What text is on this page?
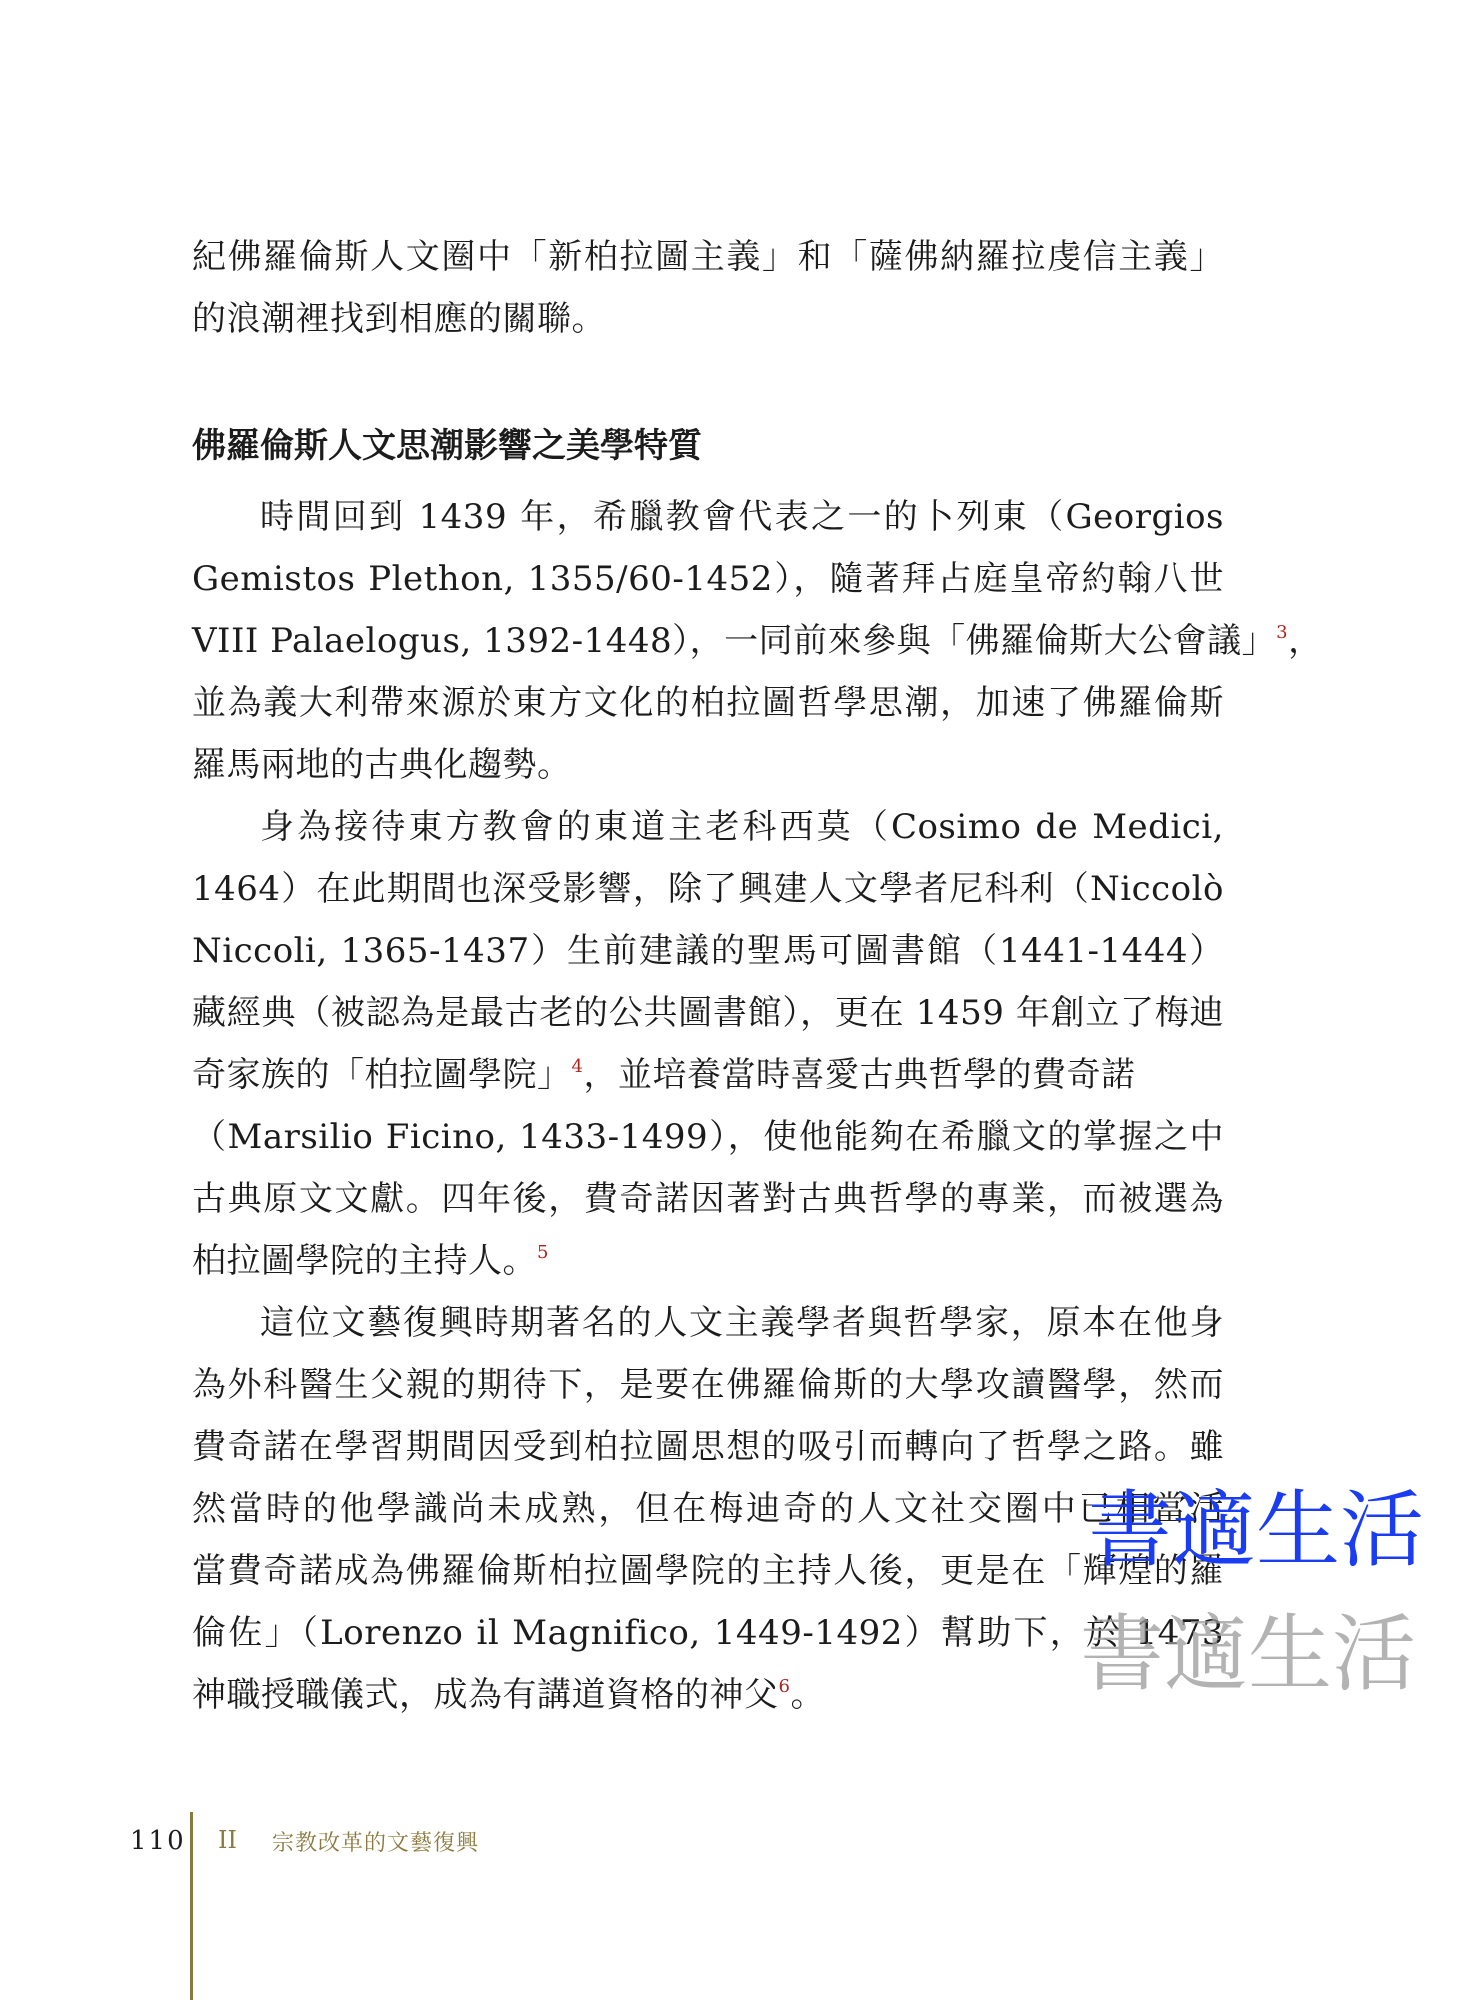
紀佛羅倫斯人文圈中「新柏拉圖主義」和「薩佛納羅拉虔信主義」
的浪潮裡找到相應的關聯。
佛羅倫斯人文思潮影響之美學特質
時間回到 1439 年，希臘教會代表之一的卜列東（Georgios
Gemistos Plethon, 1355/60-1452），隨著拜占庭皇帝約翰八世
VIII Palaelogus, 1392-1448），一同前來參與「佛羅倫斯大公會議」$^3$，
並為義大利帶來源於東方文化的柏拉圖哲學思潮，加速了佛羅倫斯
羅馬兩地的古典化趨勢。
身為接待東方教會的東道主老科西莫（Cosimo de Medici,
1464）在此期間也深受影響，除了興建人文學者尼科利（Niccolò
Niccoli, 1365-1437）生前建議的聖馬可圖書館（1441-1444）
藏經典（被認為是最古老的公共圖書館），更在 1459 年創立了梅迪
奇家族的「柏拉圖學院」$^4$，並培養當時喜愛古典哲學的費奇諾
（Marsilio Ficino, 1433-1499），使他能夠在希臘文的掌握之中
古典原文文獻。四年後，費奇諾因著對古典哲學的專業，而被選為
柏拉圖學院的主持人。$^5$
這位文藝復興時期著名的人文主義學者與哲學家，原本在他身
為外科醫生父親的期待下，是要在佛羅倫斯的大學攻讀醫學，然而
費奇諾在學習期間因受到柏拉圖思想的吸引而轉向了哲學之路。雖
然當時的他學識尚未成熟，但在梅迪奇的人文社交圈中已相當活
當費奇諾成為佛羅倫斯柏拉圖學院的主持人後，更是在「輝煌的羅
倫佐」（Lorenzo il Magnifico, 1449-1492）幫助下，於 1473
神職授職儀式，成為有講道資格的神父$^6$。
書適生活
書適生活
110 II 宗教改革的文藝復興
